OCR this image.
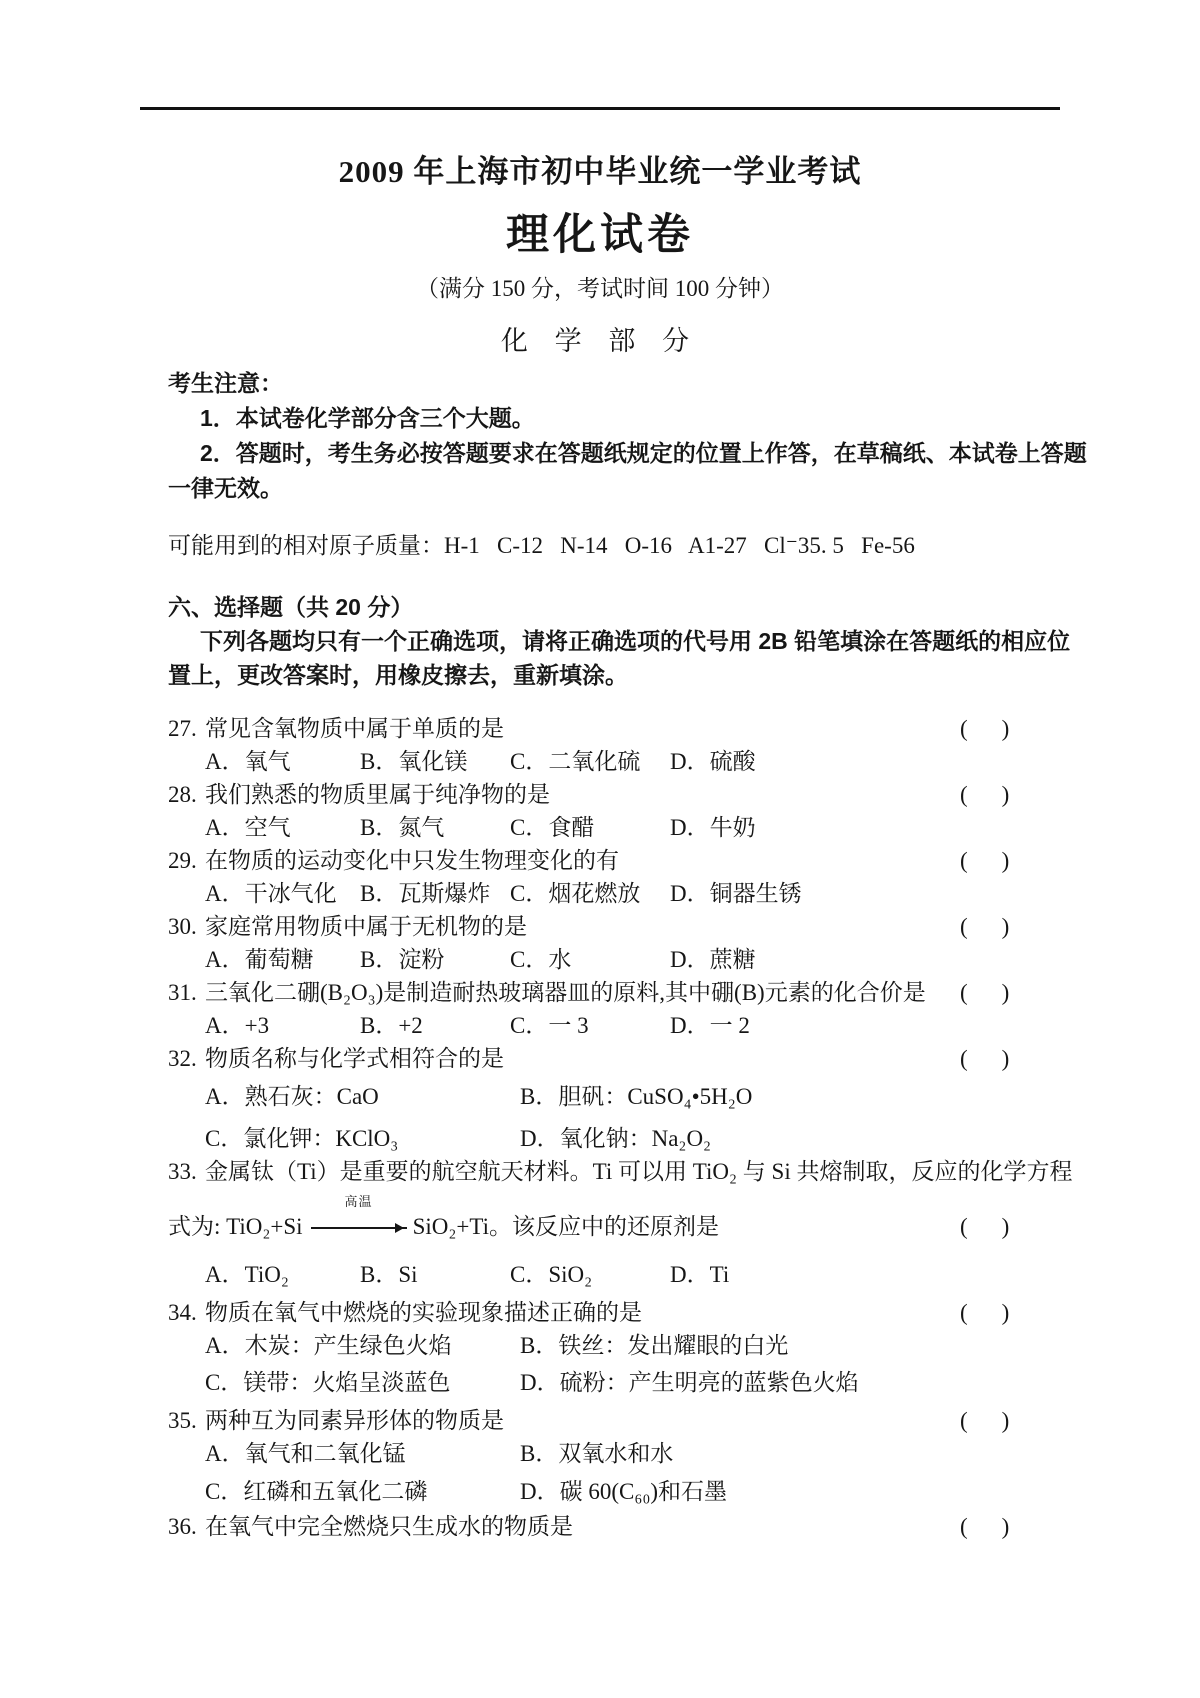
2009 年上海市初中毕业统一学业考试
理化试卷
（满分 150 分，考试时间 100 分钟）
化 学 部 分
考生注意：
1．本试卷化学部分含三个大题。
2．答题时，考生务必按答题要求在答题纸规定的位置上作答，在草稿纸、本试卷上答题
一律无效。
可能用到的相对原子质量：H-1   C-12   N-14   O-16   A1-27   Cl⁻35. 5   Fe-56
六、选择题（共 20 分）
下列各题均只有一个正确选项，请将正确选项的代号用 2B 铅笔填涂在答题纸的相应位
置上，更改答案时，用橡皮擦去，重新填涂。
27. 常见含氧物质中属于单质的是	( )
A．氧气	B．氧化镁	C．二氧化硫	D．硫酸
28. 我们熟悉的物质里属于纯净物的是	( )
A．空气	B．氮气	C．食醋	D．牛奶
29. 在物质的运动变化中只发生物理变化的有	( )
A．干冰气化	B．瓦斯爆炸 C．烟花燃放	D．铜器生锈
30. 家庭常用物质中属于无机物的是	( )
A．葡萄糖	B．淀粉	C．水	D．蔗糖
31. 三氧化二硼(B₂O₃)是制造耐热玻璃器皿的原料,其中硼(B)元素的化合价是 ( )
A．+3	B．+2	C．一 3	D．一 2
32. 物质名称与化学式相符合的是	( )
A．熟石灰：CaO	B．胆矾：CuSO₄•5H₂O
C．氯化钾：KClO₃	D．氧化钠：Na₂O₂
33. 金属钛（Ti）是重要的航空航天材料。Ti 可以用 TiO₂ 与 Si 共熔制取，反应的化学方程
式为: TiO₂+Si
高温
SiO₂+Ti。该反应中的还原剂是	( )
A．TiO₂	B．Si	C．SiO₂	D．Ti
34. 物质在氧气中燃烧的实验现象描述正确的是	( )
A．木炭：产生绿色火焰	B．铁丝：发出耀眼的白光
C．镁带：火焰呈淡蓝色	D．硫粉：产生明亮的蓝紫色火焰
35. 两种互为同素异形体的物质是	( )
A．氧气和二氧化锰	B．双氧水和水
C．红磷和五氧化二磷	D．碳 60(C₆₀)和石墨
36. 在氧气中完全燃烧只生成水的物质是	( )
